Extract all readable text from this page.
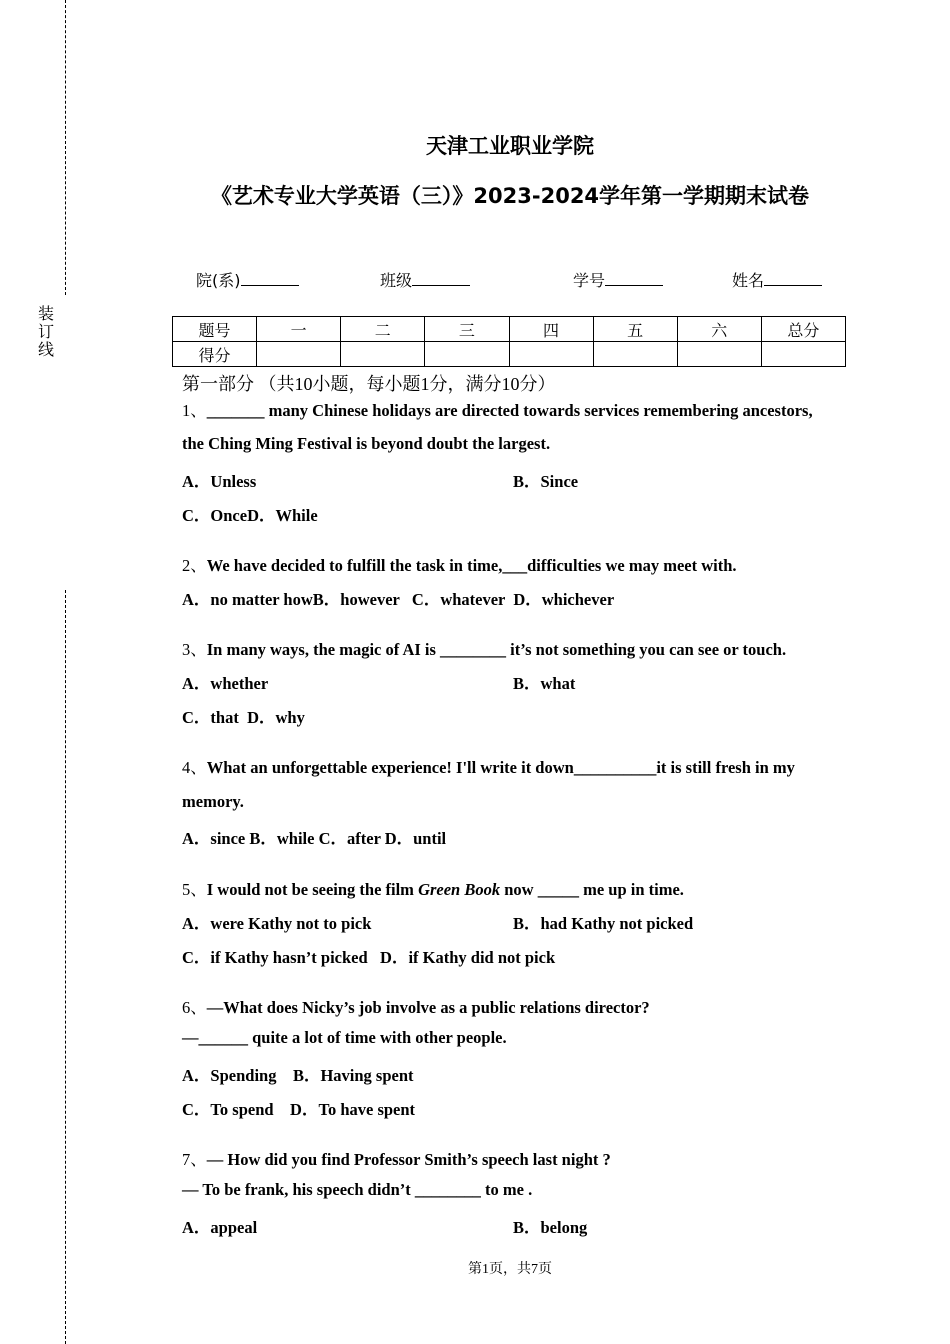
装
订
线
天津工业职业学院
《艺术专业大学英语（三）》2023-2024学年第一学期期末试卷
院(系)	班级	学号	姓名
题号	一	二	三	四	五	六	总分
得分							
第一部分 （共10小题，每小题1分，满分10分）
1、_______ many Chinese holidays are directed towards services remembering ancestors,
the Ching Ming Festival is beyond doubt the largest.
A．Unless	B．Since
C．OnceD．While
2、We have decided to fulfill the task in time,___difficulties we may meet with.
A．no matter howB．however   C．whatever  D．whichever
3、In many ways, the magic of AI is ________ it’s not something you can see or touch.
A．whether	B．what
C．that  D．why
4、What an unforgettable experience! I'll write it down__________it is still fresh in my
memory.
A．since B．while C．after D．until
5、I would not be seeing the film Green Book now _____ me up in time.
A．were Kathy not to pick	B．had Kathy not picked
C．if Kathy hasn’t picked   D．if Kathy did not pick
6、—What does Nicky’s job involve as a public relations director?
—______ quite a lot of time with other people.
A．Spending    B．Having spent
C．To spend    D．To have spent
7、— How did you find Professor Smith’s speech last night ?
— To be frank, his speech didn’t ________ to me .
A．appeal	B．belong
第1页，共7页
